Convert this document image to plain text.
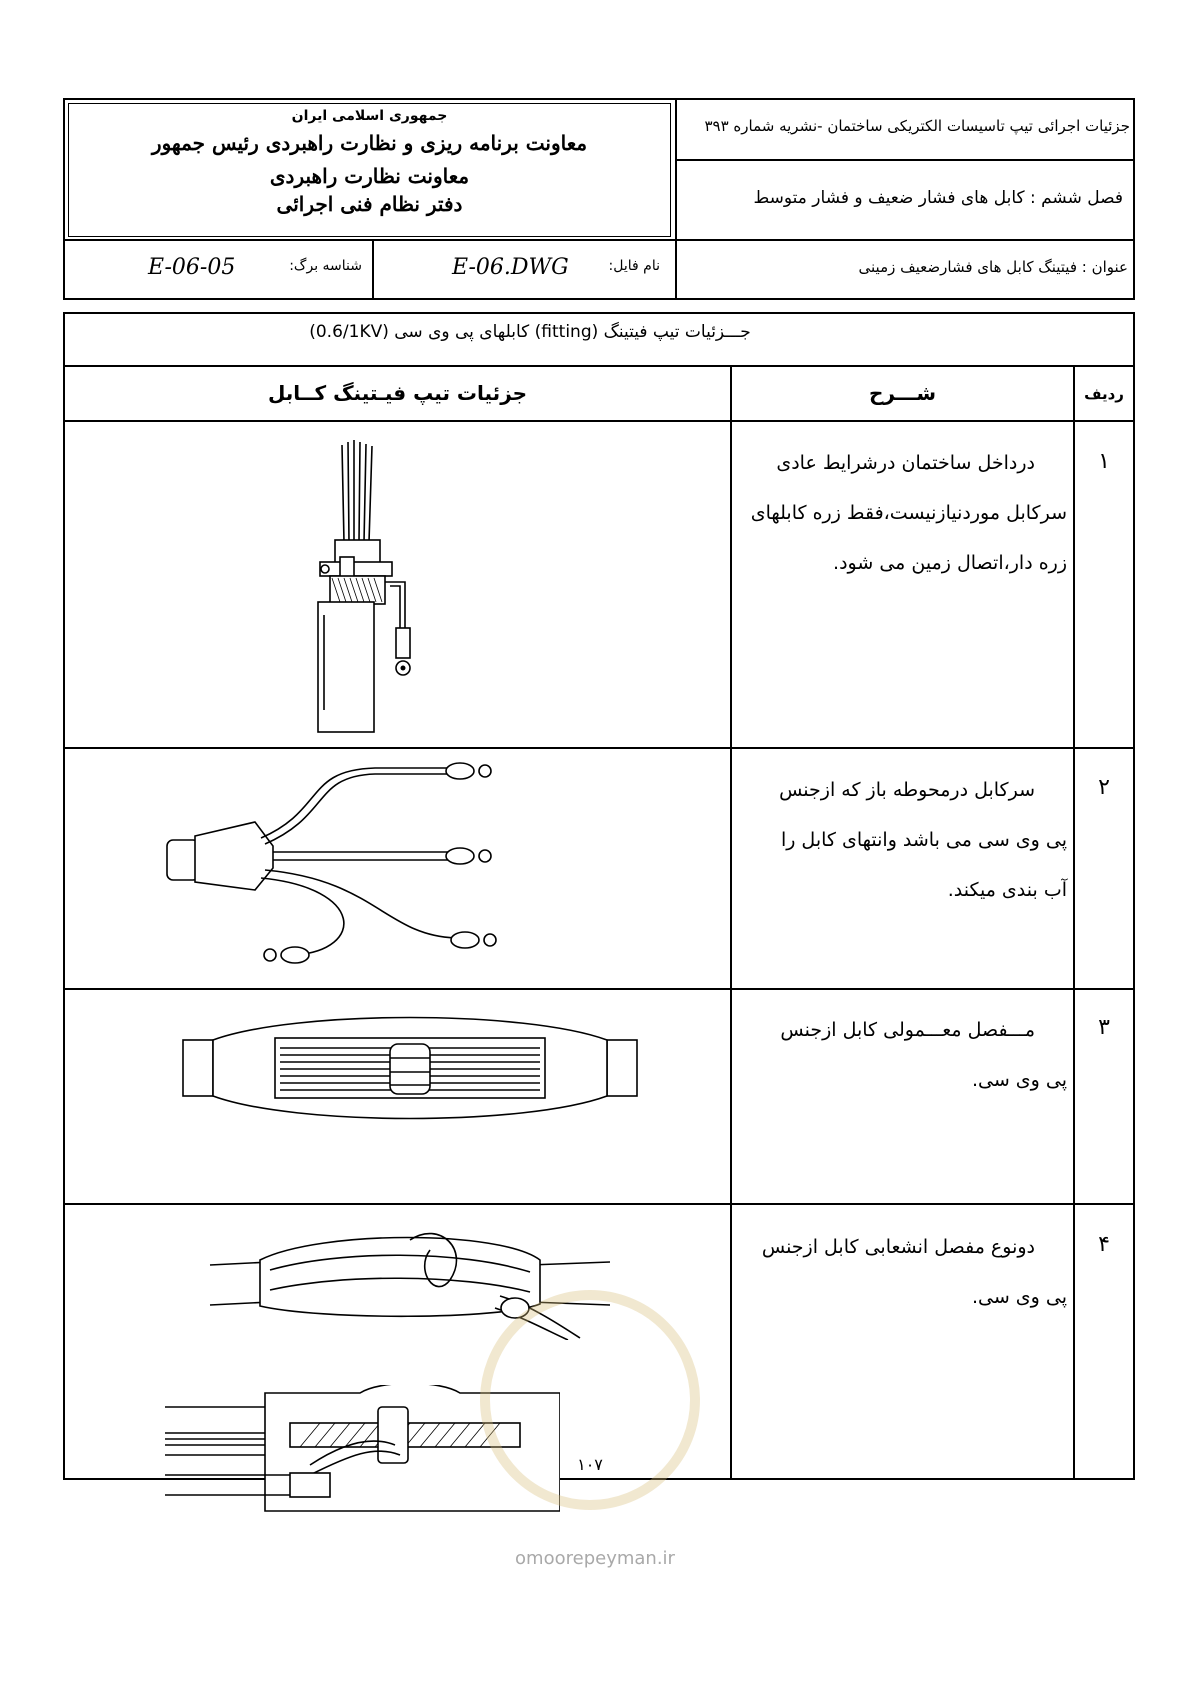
جمهوری اسلامی ایران
معاونت برنامه ریزی و نظارت راهبردی رئیس جمهور
معاونت نظارت راهبردی
دفتر نظام فنی اجرائی
جزئیات اجرائی تیپ تاسیسات الکتریکی ساختمان -نشریه شماره ۳۹۳
فصل ششم : کابل های فشار ضعیف و فشار متوسط
E-06-05	شناسه برگ:	E-06.DWG	نام فایل:	عنوان : فیتینگ کابل های فشارضعیف زمینی
جـــزئیات تیپ فیتینگ (fitting) کابلهای پی وی سی (0.6/1KV)
جزئیات تیپ فیـتینگ کــابل	شـــرح	ردیف
۱
درداخل ساختمان درشرایط عادی
سرکابل موردنیازنیست،فقط زره کابلهای
زره دار،اتصال زمین می شود.
۲
سرکابل درمحوطه باز که ازجنس
پی وی سی می باشد وانتهای کابل را
آب بندی میکند.
۳
مـــفصل معـــمولی کابل ازجنس
پی وی سی.
۴
دونوع مفصل انشعابی کابل ازجنس
پی وی سی.
۱۰۷
omoorepeyman.ir
